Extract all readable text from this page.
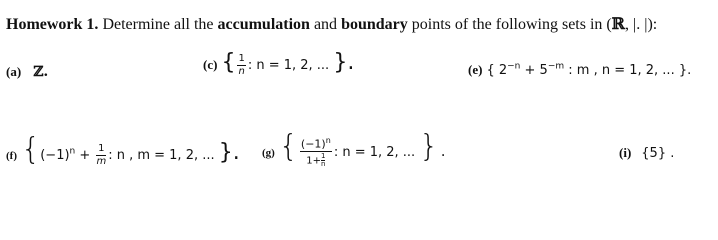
Homework 1. Determine all the accumulation and boundary points of the following sets in (ℝ, |. |):
(a) ℤ.	(c) { $\frac{1}{n}$ : n = 1, 2, ... }.	(e) { $2^{-n} + 5^{-m}$ : m , n = 1, 2, ... }.
(f) {$(-1)^n + \frac{1}{m}$ : n , m = 1, 2, ... }. (g) { $\frac{(-1)^n}{1+ \frac{1}{n}}$ : n = 1, 2, ... }.	(i) {5} .
